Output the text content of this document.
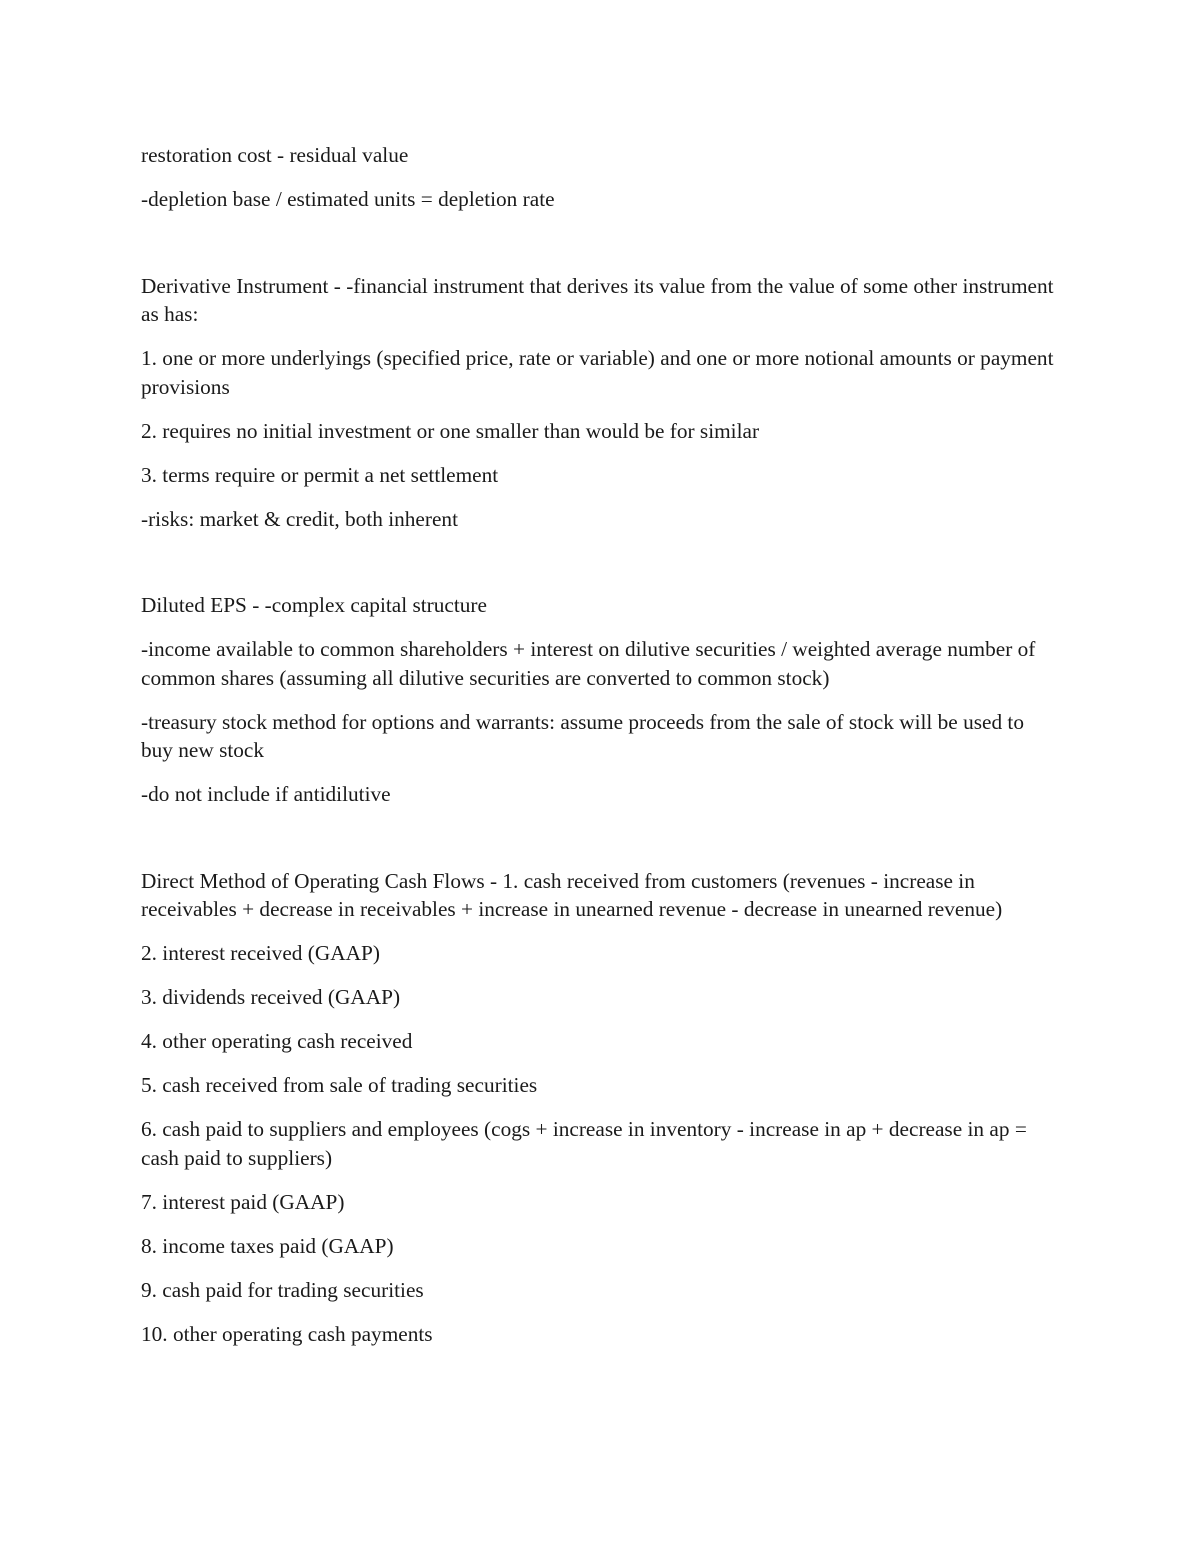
restoration cost - residual value

-depletion base / estimated units = depletion rate

Derivative Instrument - -financial instrument that derives its value from the value of some other instrument as has:

1. one or more underlyings (specified price, rate or variable) and one or more notional amounts or payment provisions

2. requires no initial investment or one smaller than would be for similar

3. terms require or permit a net settlement

-risks: market & credit, both inherent

Diluted EPS - -complex capital structure

-income available to common shareholders + interest on dilutive securities / weighted average number of common shares (assuming all dilutive securities are converted to common stock)

-treasury stock method for options and warrants: assume proceeds from the sale of stock will be used to buy new stock

-do not include if antidilutive

Direct Method of Operating Cash Flows - 1. cash received from customers (revenues - increase in receivables + decrease in receivables + increase in unearned revenue - decrease in unearned revenue)

2. interest received (GAAP)

3. dividends received (GAAP)

4. other operating cash received

5. cash received from sale of trading securities

6. cash paid to suppliers and employees (cogs + increase in inventory - increase in ap + decrease in ap = cash paid to suppliers)

7. interest paid (GAAP)

8. income taxes paid (GAAP)

9. cash paid for trading securities

10. other operating cash payments
